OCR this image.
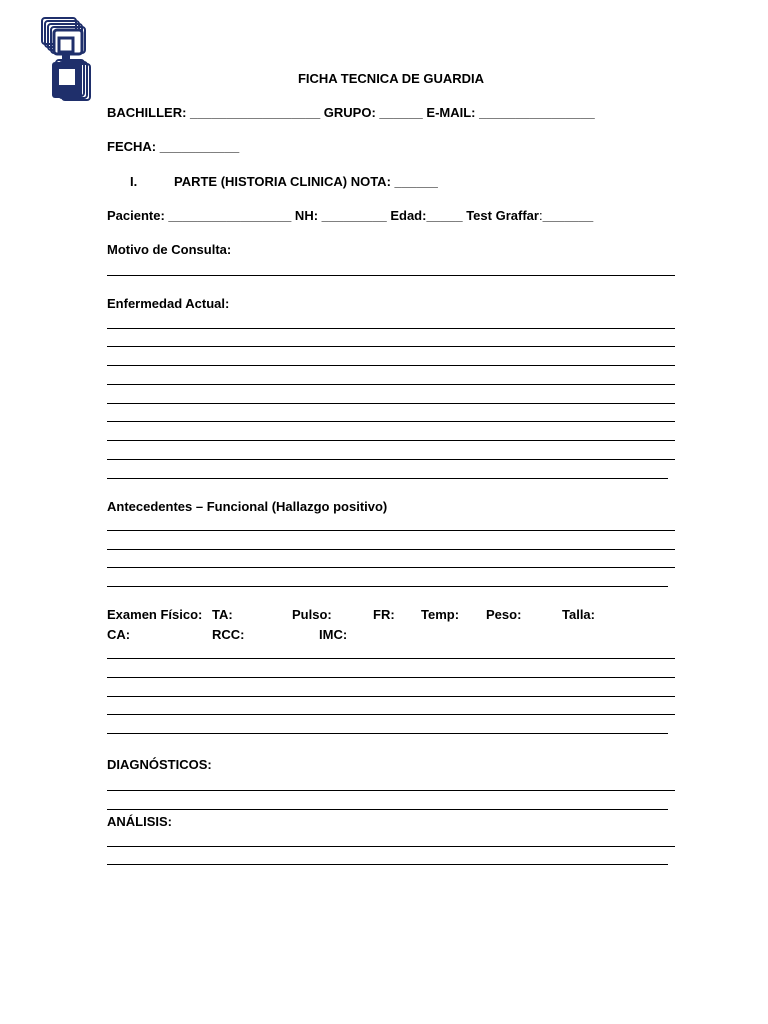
FICHA TECNICA DE GUARDIA
BACHILLER: __________________ GRUPO: ______ E-MAIL: ________________
FECHA: ___________
I.	PARTE (HISTORIA CLINICA) NOTA: ______
Paciente: _________________ NH: _________ Edad:_____ Test Graffar:_______
Motivo de Consulta:
Enfermedad Actual:
Antecedentes – Funcional (Hallazgo positivo)
Examen Físico: TA:	Pulso:	FR: Temp: Peso:	Talla:
CA:	RCC:	IMC:
DIAGNÓSTICOS:
ANÁLISIS:
